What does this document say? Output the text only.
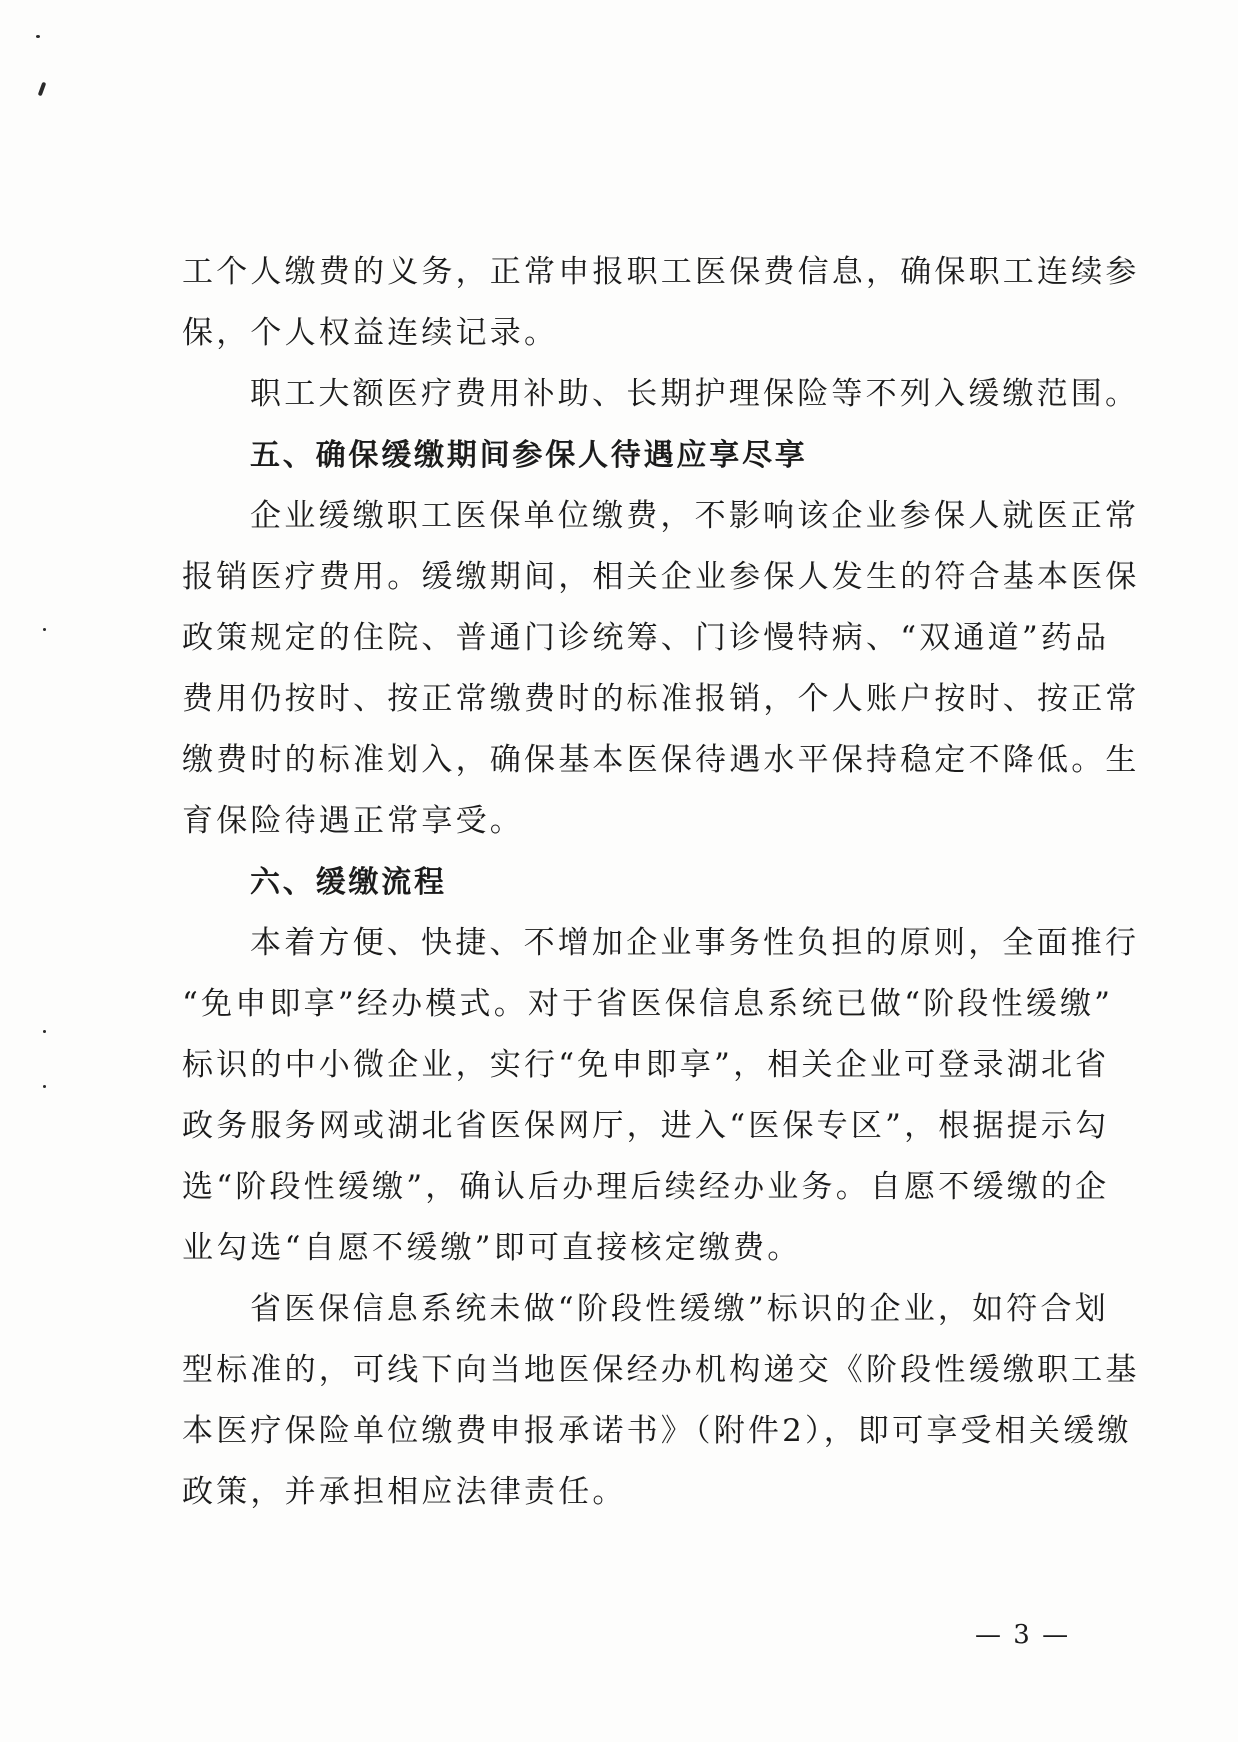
工个人缴费的义务，正常申报职工医保费信息，确保职工连续参
保，个人权益连续记录。
职工大额医疗费用补助、长期护理保险等不列入缓缴范围。
五、确保缓缴期间参保人待遇应享尽享
企业缓缴职工医保单位缴费，不影响该企业参保人就医正常
报销医疗费用。缓缴期间，相关企业参保人发生的符合基本医保
政策规定的住院、普通门诊统筹、门诊慢特病、“双通道”药品
费用仍按时、按正常缴费时的标准报销，个人账户按时、按正常
缴费时的标准划入，确保基本医保待遇水平保持稳定不降低。生
育保险待遇正常享受。
六、缓缴流程
本着方便、快捷、不增加企业事务性负担的原则，全面推行
“免申即享”经办模式。对于省医保信息系统已做“阶段性缓缴”
标识的中小微企业，实行“免申即享”，相关企业可登录湖北省
政务服务网或湖北省医保网厅，进入“医保专区”，根据提示勾
选“阶段性缓缴”，确认后办理后续经办业务。自愿不缓缴的企
业勾选“自愿不缓缴”即可直接核定缴费。
省医保信息系统未做“阶段性缓缴”标识的企业，如符合划
型标准的，可线下向当地医保经办机构递交《阶段性缓缴职工基
本医疗保险单位缴费申报承诺书》（附件2），即可享受相关缓缴
政策，并承担相应法律责任。
— 3 —
